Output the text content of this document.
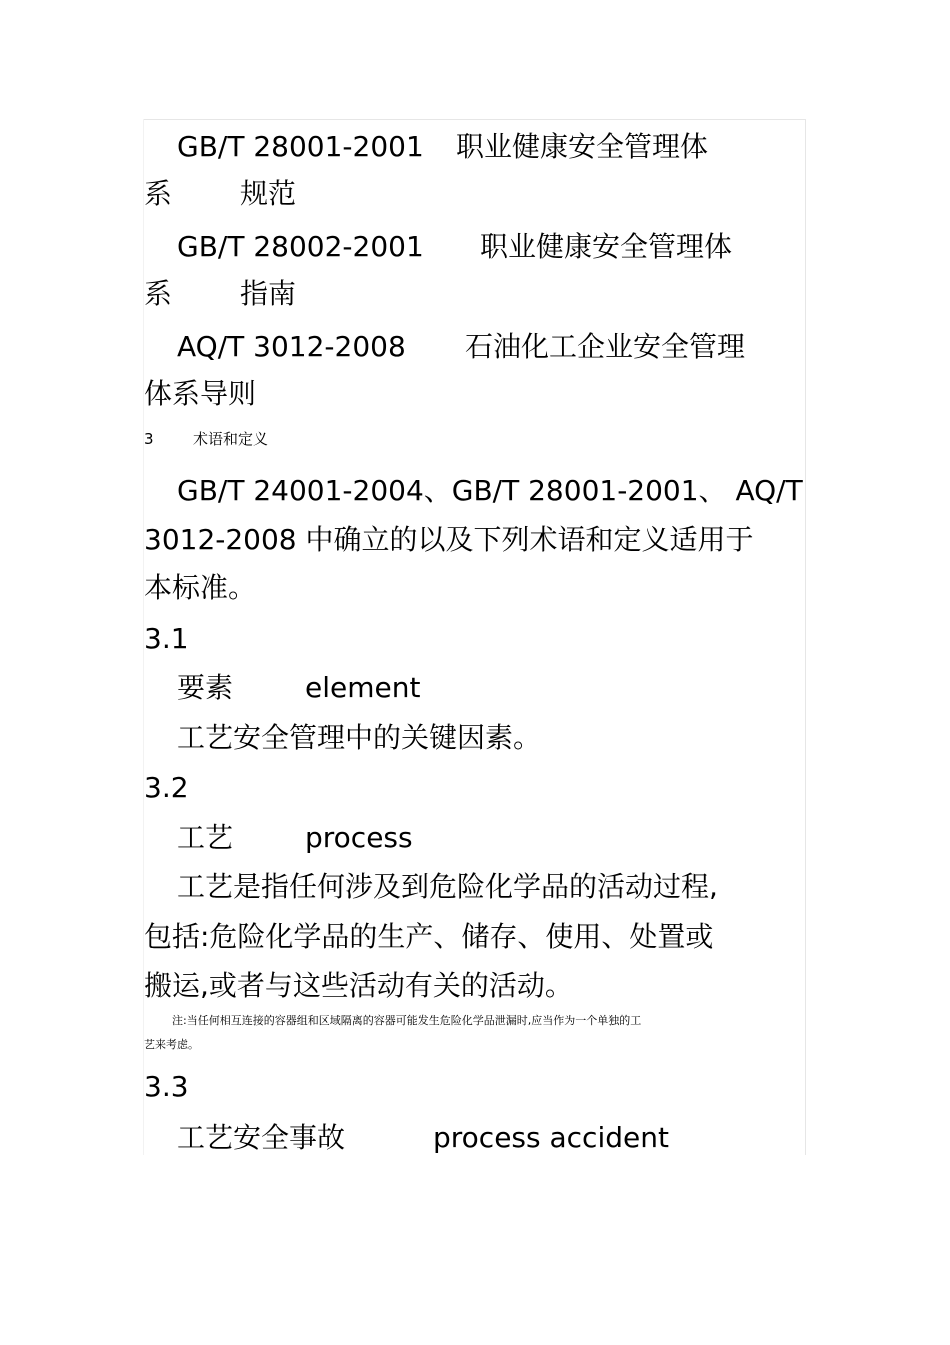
GB/T 28001-2001 职业健康安全管理体

系 规范

GB/T 28002-2001 职业健康安全管理体

系 指南

AQ/T 3012-2008 石油化工企业安全管理

体系导则

3	术语和定义

GB/T 24001-2004、GB/T 28001-2001、 AQ/T

3012-2008 中确立的以及下列术语和定义适用于

本标准。

3.1

要素	element

工艺安全管理中的关键因素。

3.2

工艺	process

工艺是指任何涉及到危险化学品的活动过程,

包括:危险化学品的生产、储存、使用、处置或

搬运,或者与这些活动有关的活动。

注:当任何相互连接的容器组和区域隔离的容器可能发生危险化学品泄漏时,应当作为一个单独的工

艺来考虑。

3.3

工艺安全事故	process accident
